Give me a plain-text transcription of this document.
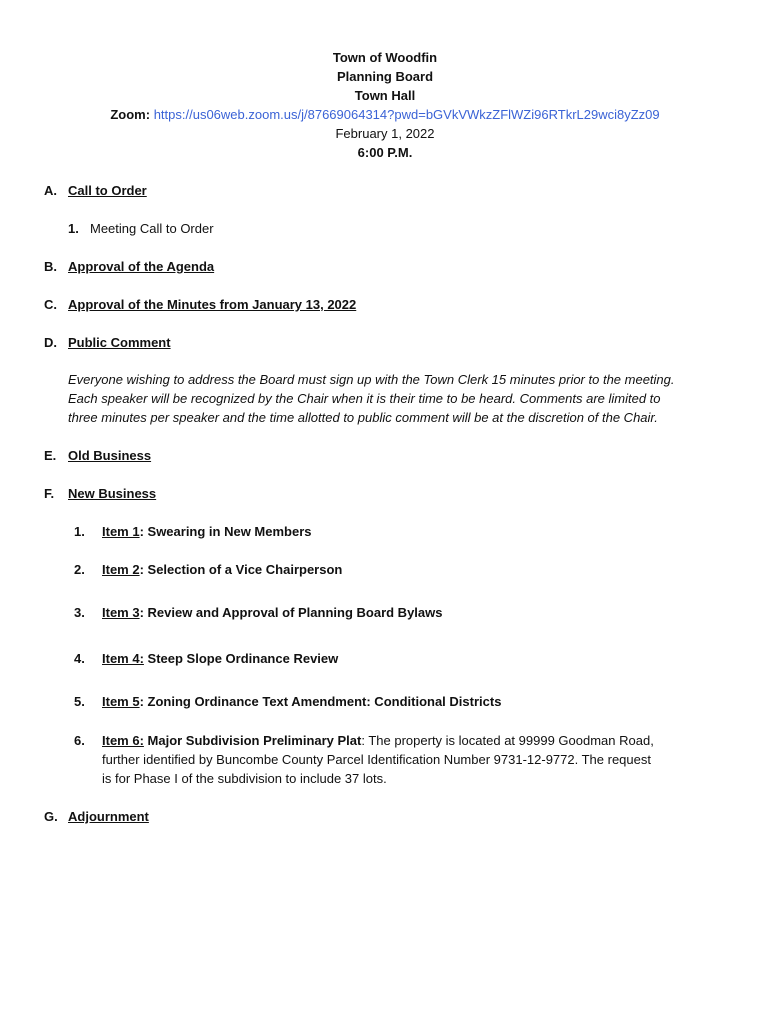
Town of Woodfin
Planning Board
Town Hall
Zoom: https://us06web.zoom.us/j/87669064314?pwd=bGVkVWkzZFlWZi96RTkrL29wci8yZz09
February 1, 2022
6:00 P.M.
A. Call to Order
1. Meeting Call to Order
B. Approval of the Agenda
C. Approval of the Minutes from January 13, 2022
D. Public Comment
Everyone wishing to address the Board must sign up with the Town Clerk 15 minutes prior to the meeting.
Each speaker will be recognized by the Chair when it is their time to be heard. Comments are limited to
three minutes per speaker and the time allotted to public comment will be at the discretion of the Chair.
E. Old Business
F. New Business
1. Item 1: Swearing in New Members
2. Item 2: Selection of a Vice Chairperson
3. Item 3: Review and Approval of Planning Board Bylaws
4. Item 4: Steep Slope Ordinance Review
5. Item 5: Zoning Ordinance Text Amendment: Conditional Districts
6. Item 6: Major Subdivision Preliminary Plat: The property is located at 99999 Goodman Road,
further identified by Buncombe County Parcel Identification Number 9731-12-9772. The request
is for Phase I of the subdivision to include 37 lots.
G. Adjournment
